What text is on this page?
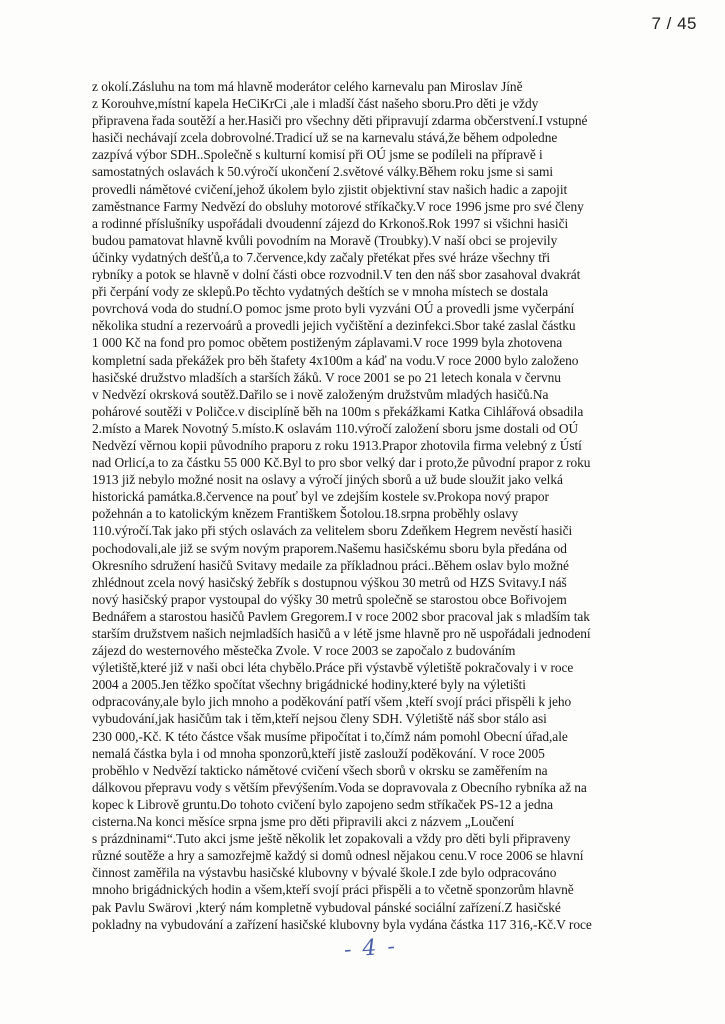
7 / 45
z okolí.Zásluhu na tom má hlavně moderátor celého karnevalu pan Miroslav Jíně
z Korouhve,místní kapela HeCiKrCi ,ale i mladší část našeho sboru.Pro děti je vždy
připravena řada soutěží a her.Hasiči pro všechny děti připravují zdarma občerstvení.I vstupné
hasiči nechávají zcela dobrovolné.Tradicí už se na karnevalu stává,že během odpoledne
zazpívá výbor SDH..Společně s kulturní komisí při OÚ jsme se podíleli na přípravě i
samostatných oslavách k 50.výročí ukončení 2.světové války.Během roku jsme si sami
provedli námětové cvičení,jehož úkolem bylo zjistit objektivní stav našich hadic a zapojit
zaměstnance Farmy Nedvězí do obsluhy motorové stříkačky.V roce 1996 jsme pro své členy
a rodinné příslušníky uspořádali dvoudenní zájezd do Krkonoš.Rok 1997 si všichni hasiči
budou pamatovat hlavně kvůli povodním na Moravě (Troubky).V naší obci se projevily
účinky vydatných dešťů,a to 7.července,kdy začaly přetékat přes své hráze všechny tři
rybníky a potok se hlavně v dolní části obce rozvodnil.V ten den náš sbor zasahoval dvakrát
při čerpání vody ze sklepů.Po těchto vydatných deštích se v mnoha místech se dostala
povrchová voda do studní.O pomoc jsme proto byli vyzváni OÚ a provedli jsme vyčerpání
několika studní a rezervoárů a provedli jejich vyčištění a dezinfekci.Sbor také zaslal částku
1 000 Kč na fond pro pomoc obětem postiženým záplavami.V roce 1999 byla zhotovena
kompletní sada překážek pro běh štafety 4x100m a káď na vodu.V roce 2000 bylo založeno
hasičské družstvo mladších a starších žáků. V roce 2001 se po 21 letech konala v červnu
v Nedvězí okrsková soutěž.Dařilo se i nově založeným družstvům mladých hasičů.Na
pohárové soutěži v Poličce.v disciplíně běh na 100m s překážkami Katka Cihlářová obsadila
2.místo a Marek Novotný 5.místo.K oslavám 110.výročí založení sboru jsme dostali od OÚ
Nedvězí věrnou kopii původního praporu z roku 1913.Prapor zhotovila firma velebný z Ústí
nad Orlicí,a to za částku 55 000 Kč.Byl to pro sbor velký dar i proto,že původní prapor z roku
1913 již nebylo možné nosit na oslavy a výročí jiných sborů a už bude sloužit jako velká
historická památka.8.července na pouť byl ve zdejším kostele sv.Prokopa nový prapor
požehnán a to katolickým knězem Františkem Šotolou.18.srpna proběhly oslavy
110.výročí.Tak jako při stých oslavách za velitelem sboru Zdeňkem Hegrem nevěstí hasiči
pochodovali,ale již se svým novým praporem.Našemu hasičskému sboru byla předána od
Okresního sdružení hasičů Svitavy medaile za příkladnou práci..Během oslav bylo možné
zhlédnout zcela nový hasičský žebřík s dostupnou výškou 30 metrů od HZS Svitavy.I náš
nový hasičský prapor vystoupal do výšky 30 metrů společně se starostou obce Bořivojem
Bednářem a starostou hasičů Pavlem Gregorem.I v roce 2002 sbor pracoval jak s mladším tak
starším družstvem našich nejmladších hasičů a v létě jsme hlavně pro ně uspořádali jednodení
zájezd do westernového městečka Zvole. V roce 2003 se započalo z budováním
výletiště,které již v naši obci léta chybělo.Práce při výstavbě výletiště pokračovaly i v roce
2004 a 2005.Jen těžko spočítat všechny brigádnické hodiny,které byly na výletišti
odpracovány,ale bylo jich mnoho a poděkování patří všem ,kteří svojí práci přispěli k jeho
vybudování,jak hasičům tak i těm,kteří nejsou členy SDH. Výletiště náš sbor stálo asi
230 000,-Kč. K této částce však musíme připočítat i to,čímž nám pomohl Obecní úřad,ale
nemalá částka byla i od mnoha sponzorů,kteří jistě zaslouží poděkování. V roce 2005
proběhlo v Nedvězí takticko námětové cvičení všech sborů v okrsku se zaměřením na
dálkovou přepravu vody s větším převýšením.Voda se dopravovala z Obecního rybníka až na
kopec k Librově gruntu.Do tohoto cvičení bylo zapojeno sedm stříkaček PS-12 a jedna
cisterna.Na konci měsíce srpna jsme pro děti připravili akci z názvem „Loučení
s prázdninami“.Tuto akci jsme ještě několik let zopakovali a vždy pro děti byli připraveny
různé soutěže a hry a samozřejmě každý si domů odnesl nějakou cenu.V roce 2006 se hlavní
činnost zaměřila na výstavbu hasičské klubovny v bývalé škole.I zde bylo odpracováno
mnoho brigádnických hodin a všem,kteří svojí práci přispěli a to včetně sponzorům hlavně
pak Pavlu Swärovi ,který nám kompletně vybudoval pánské sociální zařízení.Z hasičské
pokladny na vybudování a zařízení hasičské klubovny byla vydána částka 117 316,-Kč.V roce
- 4 -
